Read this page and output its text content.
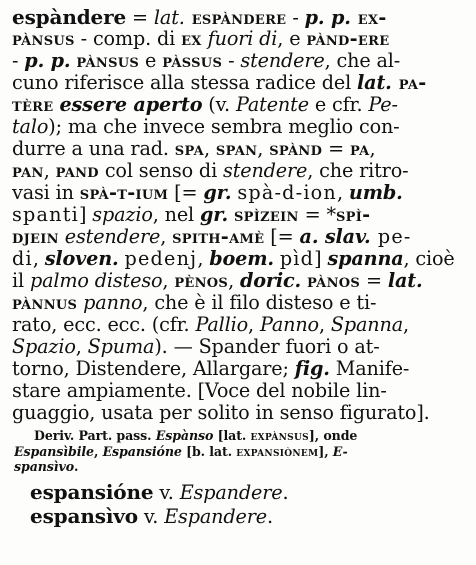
espàndere = lat. espàndere - p. p. ex-
pànsus - comp. di ex fuori di, e pànd-ere
- p. p. pànsus e pàssus - stendere, che al-
cuno riferisce alla stessa radice del lat. pa-
tère essere aperto (v. Patente e cfr. Pe-
talo); ma che invece sembra meglio con-
durre a una rad. spa, span, spànd = pa,
pan, pand col senso di stendere, che ritro-
vasi in spà-t-ium [= gr. spà-d-ion, umb.
spanti] spazio, nel gr. spìzein = *spì-
djein estendere, spith-amè [= a. slav. pe-
di, sloven. pedenj, boem. pìd] spanna, cioè
il palmo disteso, pènos, doric. pànos = lat.
pànnus panno, che è il filo disteso e ti-
rato, ecc. ecc. (cfr. Pallio, Panno, Spanna,
Spazio, Spuma). — Spander fuori o at-
torno, Distendere, Allargare; fig. Manife-
stare ampiamente. [Voce del nobile lin-
guaggio, usata per solito in senso figurato].
Deriv. Part. pass. Espànso [lat. expànsus], onde
Espansìbile, Espansióne [b. lat. expansiònem], E-
spansìvo.
espansióne v. Espandere.
espansìvo v. Espandere.
